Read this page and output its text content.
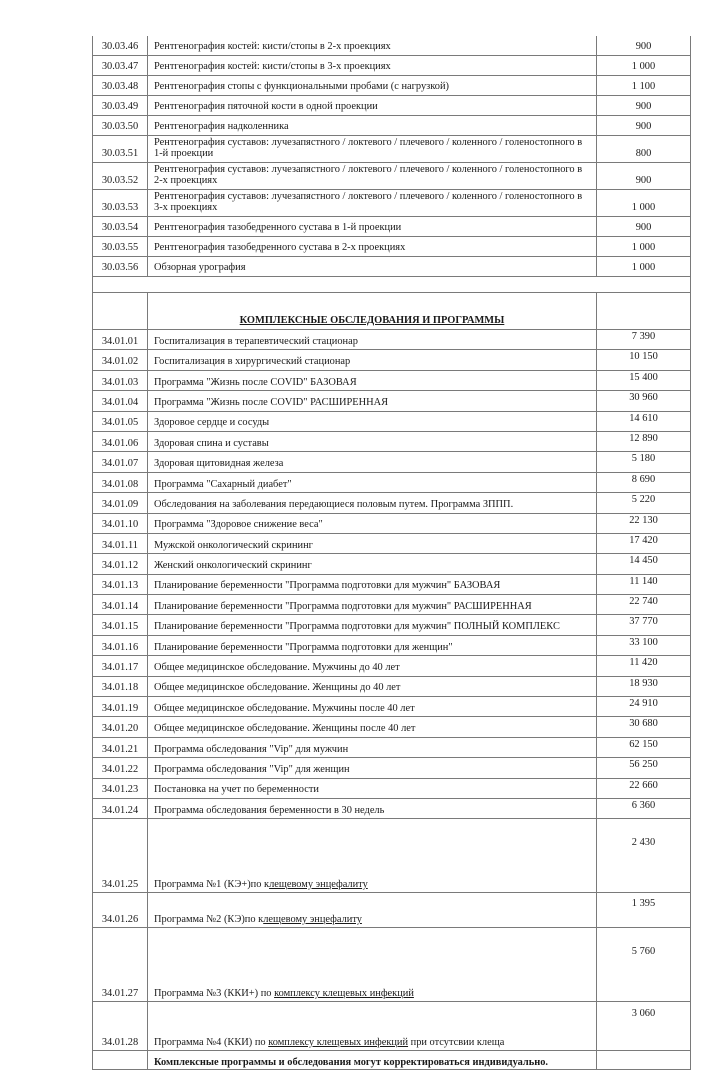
30.03.46	Рентгенография костей: кисти/стопы в 2-х проекциях	900
30.03.47	Рентгенография костей: кисти/стопы в 3-х проекциях	1 000
30.03.48	Рентгенография стопы с функциональными пробами (с нагрузкой)	1 100
30.03.49	Рентгенография пяточной кости в одной проекции	900
30.03.50	Рентгенография надколенника	900
30.03.51	Рентгенография суставов: лучезапястного / локтевого / плечевого / коленного / голеностопного в 1-й проекции	800
30.03.52	Рентгенография суставов: лучезапястного / локтевого / плечевого / коленного / голеностопного в 2-х проекциях	900
30.03.53	Рентгенография суставов: лучезапястного / локтевого / плечевого / коленного / голеностопного в 3-х проекциях	1 000
30.03.54	Рентгенография тазобедренного сустава в 1-й проекции	900
30.03.55	Рентгенография тазобедренного сустава в 2-х проекциях	1 000
30.03.56	Обзорная урография	1 000

	КОМПЛЕКСНЫЕ ОБСЛЕДОВАНИЯ И ПРОГРАММЫ	
34.01.01	Госпитализация в терапевтический стационар	7 390
34.01.02	Госпитализация в хирургический стационар	10 150
34.01.03	Программа "Жизнь после COVID" БАЗОВАЯ	15 400
34.01.04	Программа "Жизнь после COVID" РАСШИРЕННАЯ	30 960
34.01.05	Здоровое сердце и сосуды	14 610
34.01.06	Здоровая спина и суставы	12 890
34.01.07	Здоровая щитовидная железа	5 180
34.01.08	Программа "Сахарный диабет"	8 690
34.01.09	Обследования на заболевания передающиеся половым путем. Программа ЗППП.	5 220
34.01.10	Программа "Здоровое снижение веса"	22 130
34.01.11	Мужской онкологический скрининг	17 420
34.01.12	Женский онкологический скрининг	14 450
34.01.13	Планирование беременности "Программа подготовки для мужчин" БАЗОВАЯ	11 140
34.01.14	Планирование беременности "Программа подготовки для мужчин" РАСШИРЕННАЯ	22 740
34.01.15	Планирование беременности "Программа подготовки для мужчин" ПОЛНЫЙ КОМПЛЕКС	37 770
34.01.16	Планирование беременности "Программа подготовки для женщин"	33 100
34.01.17	Общее медицинское обследование. Мужчины до 40 лет	11 420
34.01.18	Общее медицинское обследование. Женщины до 40 лет	18 930
34.01.19	Общее медицинское обследование. Мужчины после 40 лет	24 910
34.01.20	Общее медицинское обследование. Женщины после 40 лет	30 680
34.01.21	Программа обследования "Vip" для мужчин	62 150
34.01.22	Программа обследования "Vip" для женщин	56 250
34.01.23	Постановка на учет по беременности	22 660
34.01.24	Программа обследования беременности в 30 недель	6 360
34.01.25	Программа №1 (КЭ+)по клещевому энцефалиту	2 430
34.01.26	Программа №2 (КЭ)по клещевому энцефалиту	1 395
34.01.27	Программа №3 (ККИ+) по комплексу клещевых инфекций	5 760
34.01.28	Программа №4 (ККИ) по комплексу клещевых инфекций при отсутсвии клеща	3 060
	Комплексные программы и обследования могут корректироваться индивидуально.	
